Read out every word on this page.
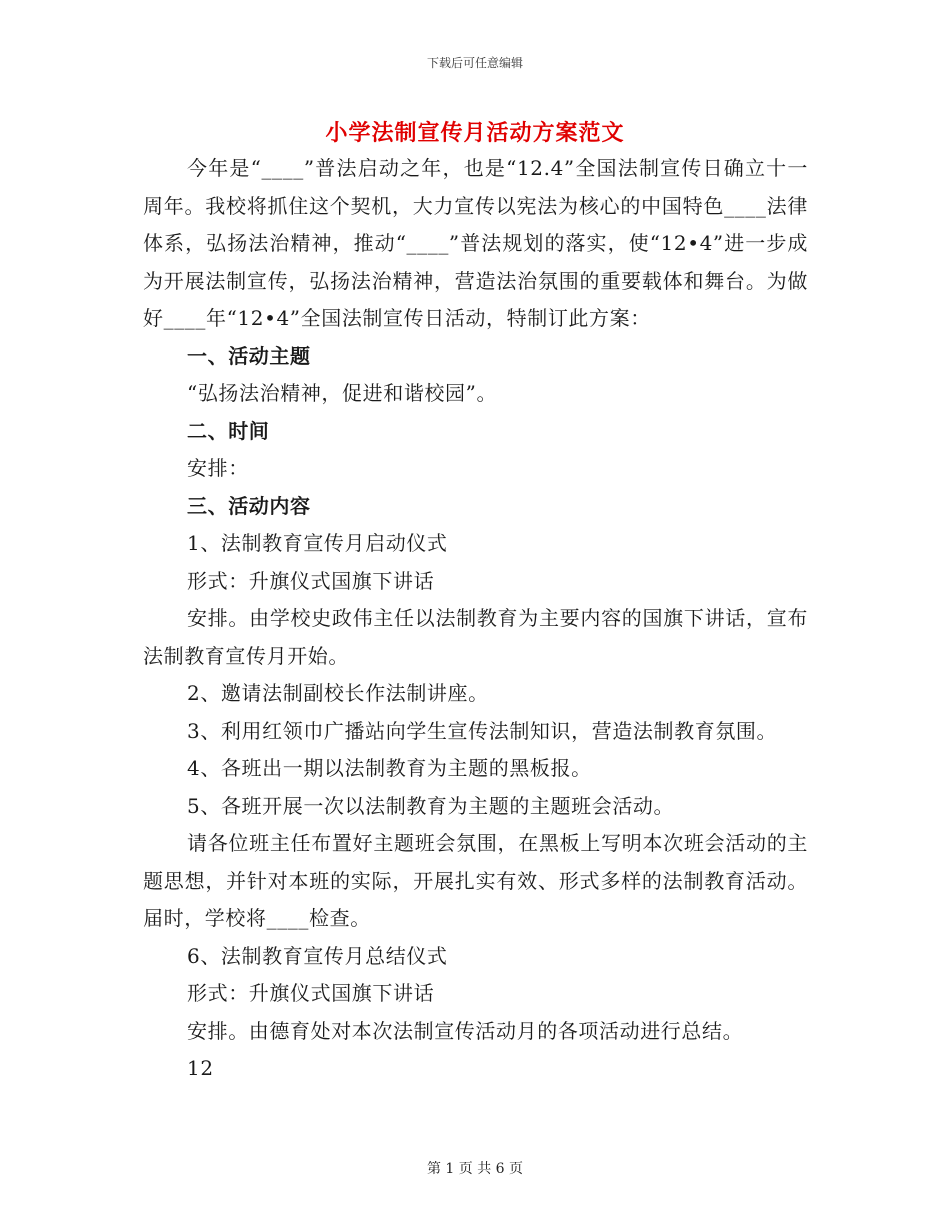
下载后可任意编辑
小学法制宣传月活动方案范文

今年是“____”普法启动之年，也是“12.4”全国法制宣传日确立十一周年。我校将抓住这个契机，大力宣传以宪法为核心的中国特色____法律体系，弘扬法治精神，推动“____”普法规划的落实，使“12•4”进一步成为开展法制宣传，弘扬法治精神，营造法治氛围的重要载体和舞台。为做好____年“12•4”全国法制宣传日活动，特制订此方案：

一、活动主题

“弘扬法治精神，促进和谐校园”。

二、时间

安排：

三、活动内容

1、法制教育宣传月启动仪式

形式：升旗仪式国旗下讲话

安排。由学校史政伟主任以法制教育为主要内容的国旗下讲话，宣布法制教育宣传月开始。

2、邀请法制副校长作法制讲座。

3、利用红领巾广播站向学生宣传法制知识，营造法制教育氛围。

4、各班出一期以法制教育为主题的黑板报。

5、各班开展一次以法制教育为主题的主题班会活动。

请各位班主任布置好主题班会氛围，在黑板上写明本次班会活动的主题思想，并针对本班的实际，开展扎实有效、形式多样的法制教育活动。届时，学校将____检查。

6、法制教育宣传月总结仪式

形式：升旗仪式国旗下讲话

安排。由德育处对本次法制宣传活动月的各项活动进行总结。

12

第 1 页 共 6 页
